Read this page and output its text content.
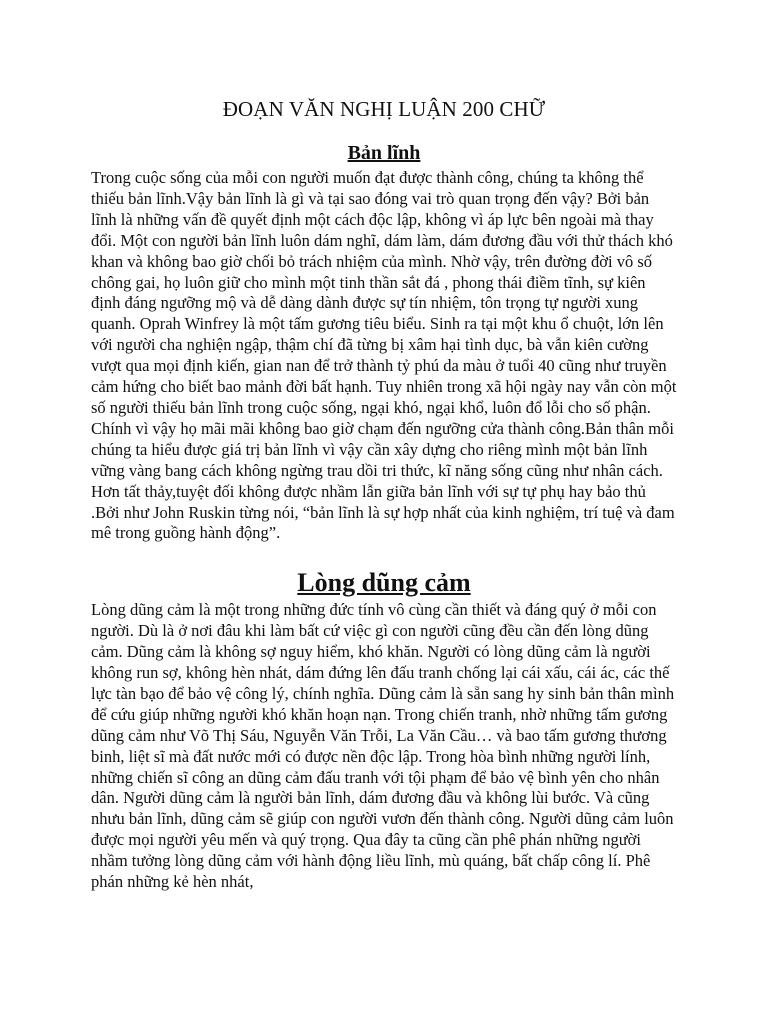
ĐOẠN VĂN NGHỊ LUẬN 200 CHỮ
Bản lĩnh

Trong cuộc sống của mỗi con người muốn đạt được thành công, chúng ta không thể thiếu bản lĩnh.Vậy bản lĩnh là gì và tại sao đóng vai trò quan trọng đến vậy? Bởi bản lĩnh là những vấn đề quyết định một cách độc lập, không vì áp lực bên ngoài mà thay đổi. Một con người bản lĩnh luôn dám nghĩ, dám làm, dám đương đầu với thử thách khó khan và không bao giờ chối bỏ trách nhiệm của mình. Nhờ vậy, trên đường đời vô số chông gai, họ luôn giữ cho mình một tinh thần sắt đá , phong thái điềm tĩnh, sự kiên định đáng ngưỡng mộ và dễ dàng dành được sự tín nhiệm, tôn trọng tự người xung quanh. Oprah Winfrey là một tấm gương tiêu biểu. Sinh ra tại một khu ổ chuột, lớn lên với người cha nghiện ngập, thậm chí đã từng bị xâm hại tình dục, bà vẫn kiên cường vượt qua mọi định kiến, gian nan để trở thành tỷ phú da màu ở tuổi 40 cũng như truyền cảm hứng cho biết bao mảnh đời bất hạnh. Tuy nhiên trong xã hội ngày nay vẫn còn một số người thiếu bản lĩnh trong cuộc sống, ngại khó, ngại khổ, luôn đổ lỗi cho số phận. Chính vì vậy họ mãi mãi không bao giờ chạm đến ngưỡng cửa thành công.Bản thân mỗi chúng ta hiểu được giá trị bản lĩnh vì vậy cần xây dựng cho riêng mình một bản lĩnh vững vàng bang cách không ngừng trau dồi tri thức, kĩ năng sống cũng như nhân cách. Hơn tất thảy,tuyệt đối không được nhầm lẫn giữa bản lĩnh với sự tự phụ hay bảo thủ .Bởi như John Ruskin từng nói, “bản lĩnh là sự hợp nhất của kinh nghiệm, trí tuệ và đam mê trong guồng hành động”.

Lòng dũng cảm

Lòng dũng cảm là một trong những đức tính vô cùng cần thiết và đáng quý ở mỗi con người. Dù là ở nơi đâu khi làm bất cứ việc gì con người cũng đều cần đến lòng dũng cảm. Dũng cảm là không sợ nguy hiểm, khó khăn. Người có lòng dũng cảm là người không run sợ, không hèn nhát, dám đứng lên đấu tranh chống lại cái xấu, cái ác, các thế lực tàn bạo để bảo vệ công lý, chính nghĩa. Dũng cảm là sẵn sang hy sinh bản thân mình để cứu giúp những người khó khăn hoạn nạn. Trong chiến tranh, nhờ những tấm gương dũng cảm như Võ Thị Sáu, Nguyễn Văn Trỗi, La Văn Cầu… và bao tấm gương thương binh, liệt sĩ mà đất nước mới có được nền độc lập. Trong hòa bình những người lính, những chiến sĩ công an dũng cảm đấu tranh với tội phạm để bảo vệ bình yên cho nhân dân. Người dũng cảm là người bản lĩnh, dám đương đầu và không lùi bước. Và cũng nhưu bản lĩnh, dũng cảm sẽ giúp con người vươn đến thành công. Người dũng cảm luôn được mọi người yêu mến và quý trọng. Qua đây ta cũng cần phê phán những người nhầm tưởng lòng dũng cảm với hành động liều lĩnh, mù quáng, bất chấp công lí. Phê phán những kẻ hèn nhát,
